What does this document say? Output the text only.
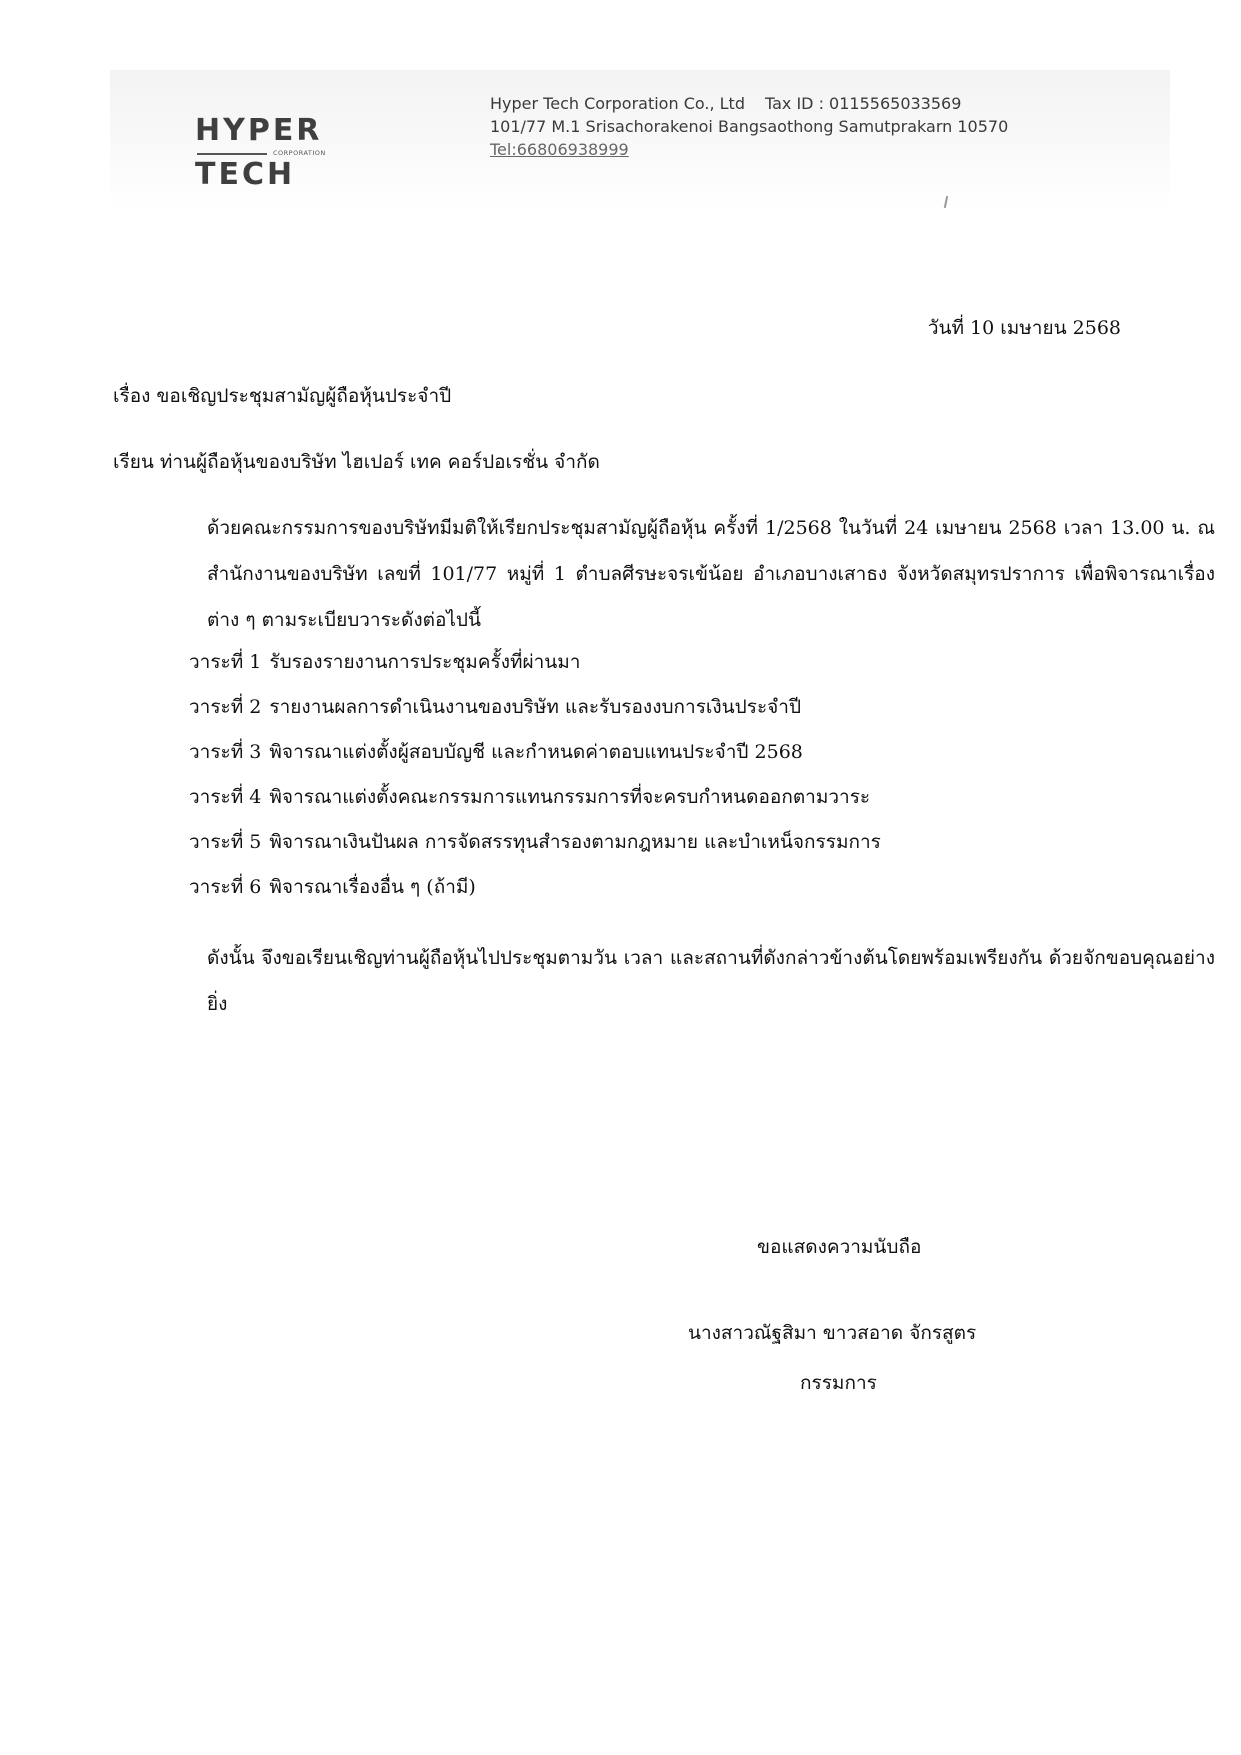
HYPER
CORPORATION
TECH
Hyper Tech Corporation Co., Ltd Tax ID : 0115565033569
101/77 M.1 Srisachorakenoi Bangsaothong Samutprakarn 10570
Tel:66806938999
วันที่ 10 เมษายน 2568
เรื่อง ขอเชิญประชุมสามัญผู้ถือหุ้นประจำปี
เรียน ท่านผู้ถือหุ้นของบริษัท ไฮเปอร์ เทค คอร์ปอเรชั่น จำกัด
ด้วยคณะกรรมการของบริษัทมีมติให้เรียกประชุมสามัญผู้ถือหุ้น ครั้งที่ 1/2568 ในวันที่ 24 เมษายน 2568 เวลา 13.00 น. ณ สำนักงานของบริษัท เลขที่ 101/77 หมู่ที่ 1 ตำบลศีรษะจรเข้น้อย อำเภอบางเสาธง จังหวัดสมุทรปราการ เพื่อพิจารณาเรื่องต่าง ๆ ตามระเบียบวาระดังต่อไปนี้
วาระที่ 1 รับรองรายงานการประชุมครั้งที่ผ่านมา
วาระที่ 2 รายงานผลการดำเนินงานของบริษัท และรับรองงบการเงินประจำปี
วาระที่ 3 พิจารณาแต่งตั้งผู้สอบบัญชี และกำหนดค่าตอบแทนประจำปี 2568
วาระที่ 4 พิจารณาแต่งตั้งคณะกรรมการแทนกรรมการที่จะครบกำหนดออกตามวาระ
วาระที่ 5 พิจารณาเงินปันผล การจัดสรรทุนสำรองตามกฎหมาย และบำเหน็จกรรมการ
วาระที่ 6 พิจารณาเรื่องอื่น ๆ (ถ้ามี)
ดังนั้น จึงขอเรียนเชิญท่านผู้ถือหุ้นไปประชุมตามวัน เวลา และสถานที่ดังกล่าวข้างต้นโดยพร้อมเพรียงกัน ด้วยจักขอบคุณอย่างยิ่ง
ขอแสดงความนับถือ
นางสาวณัฐสิมา ขาวสอาด จักรสูตร
กรรมการ
